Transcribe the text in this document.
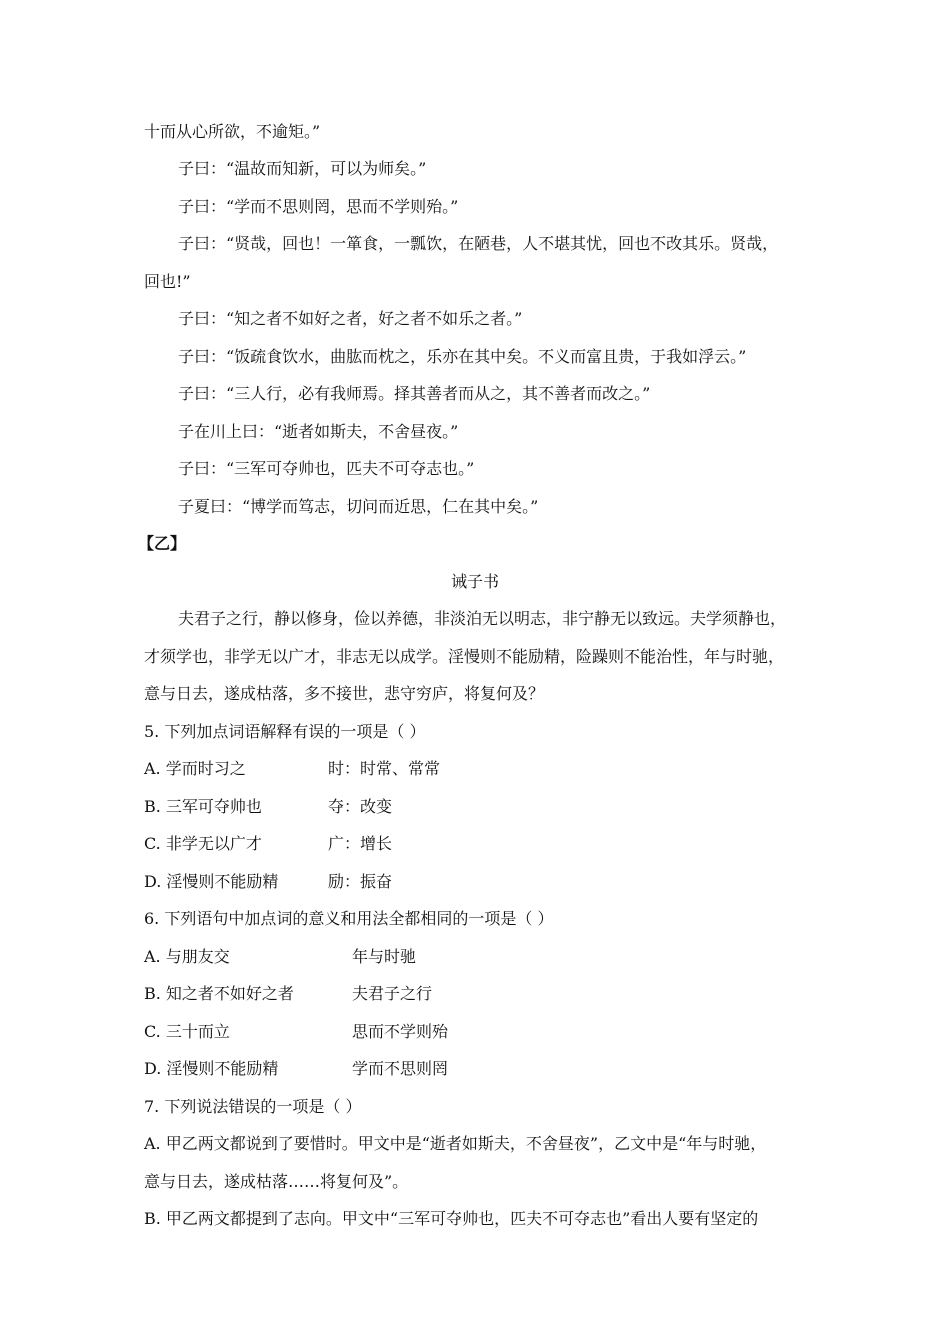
十而从心所欲，不逾矩。”
子曰：“温故而知新，可以为师矣。”
子曰：“学而不思则罔，思而不学则殆。”
子曰：“贤哉，回也！一箪食，一瓢饮，在陋巷，人不堪其忧，回也不改其乐。贤哉，
回也!”
子曰：“知之者不如好之者，好之者不如乐之者。”
子曰：“饭疏食饮水，曲肱而枕之，乐亦在其中矣。不义而富且贵，于我如浮云。”
子曰：“三人行，必有我师焉。择其善者而从之，其不善者而改之。”
子在川上曰：“逝者如斯夫，不舍昼夜。”
子曰：“三军可夺帅也，匹夫不可夺志也。”
子夏曰：“博学而笃志，切问而近思，仁在其中矣。”
【乙】
诫子书
夫君子之行，静以修身，俭以养德，非淡泊无以明志，非宁静无以致远。夫学须静也，
才须学也，非学无以广才，非志无以成学。淫慢则不能励精，险躁则不能治性，年与时驰，
意与日去，遂成枯落，多不接世，悲守穷庐，将复何及？
5. 下列加点词语解释有误的一项是（ ）
A. 学而时习之	时：时常、常常
B. 三军可夺帅也	夺：改变
C. 非学无以广才	广：增长
D. 淫慢则不能励精	励：振奋
6. 下列语句中加点词的意义和用法全都相同的一项是（ ）
A. 与朋友交	年与时驰
B. 知之者不如好之者	夫君子之行
C. 三十而立	思而不学则殆
D. 淫慢则不能励精	学而不思则罔
7. 下列说法错误的一项是（ ）
A. 甲乙两文都说到了要惜时。甲文中是“逝者如斯夫，不舍昼夜”，乙文中是“年与时驰，
意与日去，遂成枯落……将复何及”。
B. 甲乙两文都提到了志向。甲文中“三军可夺帅也，匹夫不可夺志也”看出人要有坚定的
